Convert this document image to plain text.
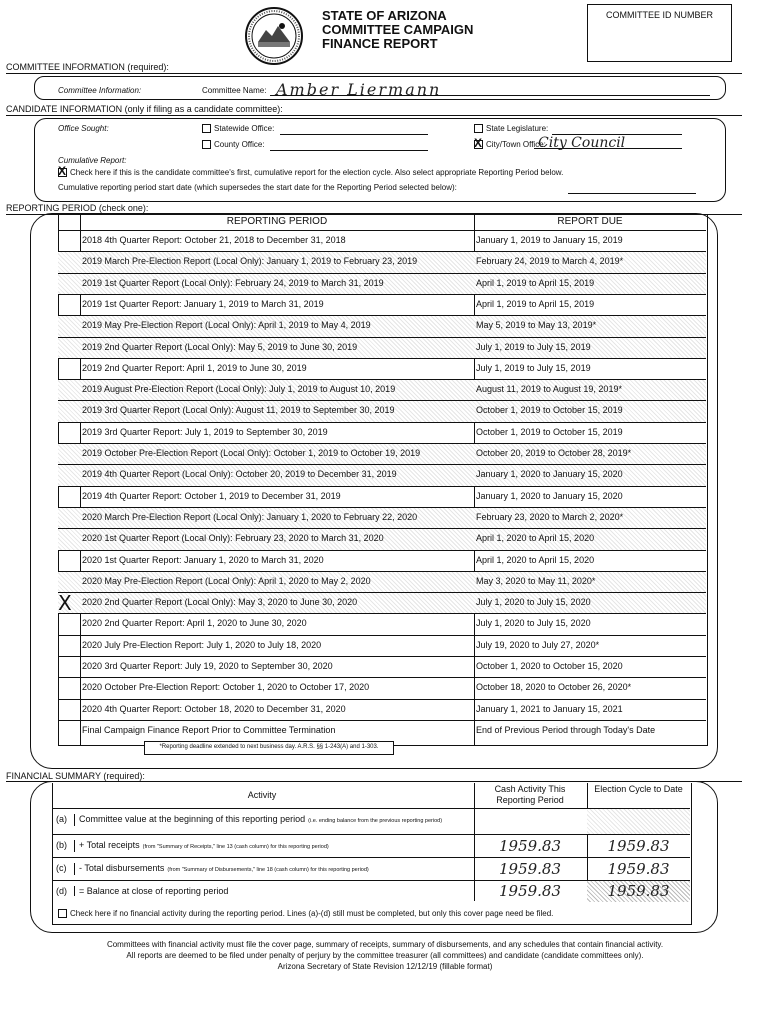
STATE OF ARIZONA
COMMITTEE CAMPAIGN
FINANCE REPORT
COMMITTEE ID NUMBER
COMMITTEE INFORMATION (required):
Committee Information:	Committee Name: Amber Liermann
CANDIDATE INFORMATION (only if filing as a candidate committee):
Office Sought:	Statewide Office:
County Office:
State Legislature:
X City/Town Office:
City Council
Cumulative Report:
X Check here if this is the candidate committee's first, cumulative report for the election cycle. Also select appropriate Reporting Period below.
Cumulative reporting period start date (which supersedes the start date for the Reporting Period selected below):
REPORTING PERIOD (check one):
REPORTING PERIOD	REPORT DUE
2018 4th Quarter Report: October 21, 2018 to December 31, 2018	January 1, 2019 to January 15, 2019
2019 March Pre-Election Report (Local Only): January 1, 2019 to February 23, 2019	February 24, 2019 to March 4, 2019*
2019 1st Quarter Report (Local Only): February 24, 2019 to March 31, 2019	April 1, 2019 to April 15, 2019
2019 1st Quarter Report: January 1, 2019 to March 31, 2019	April 1, 2019 to April 15, 2019
2019 May Pre-Election Report (Local Only): April 1, 2019 to May 4, 2019	May 5, 2019 to May 13, 2019*
2019 2nd Quarter Report (Local Only): May 5, 2019 to June 30, 2019	July 1, 2019 to July 15, 2019
2019 2nd Quarter Report: April 1, 2019 to June 30, 2019	July 1, 2019 to July 15, 2019
2019 August Pre-Election Report (Local Only): July 1, 2019 to August 10, 2019	August 11, 2019 to August 19, 2019*
2019 3rd Quarter Report (Local Only): August 11, 2019 to September 30, 2019	October 1, 2019 to October 15, 2019
2019 3rd Quarter Report: July 1, 2019 to September 30, 2019	October 1, 2019 to October 15, 2019
2019 October Pre-Election Report (Local Only): October 1, 2019 to October 19, 2019	October 20, 2019 to October 28, 2019*
2019 4th Quarter Report (Local Only): October 20, 2019 to December 31, 2019	January 1, 2020 to January 15, 2020
2019 4th Quarter Report: October 1, 2019 to December 31, 2019	January 1, 2020 to January 15, 2020
2020 March Pre-Election Report (Local Only): January 1, 2020 to February 22, 2020	February 23, 2020 to March 2, 2020*
2020 1st Quarter Report (Local Only): February 23, 2020 to March 31, 2020	April 1, 2020 to April 15, 2020
2020 1st Quarter Report: January 1, 2020 to March 31, 2020	April 1, 2020 to April 15, 2020
2020 May Pre-Election Report (Local Only): April 1, 2020 to May 2, 2020	May 3, 2020 to May 11, 2020*
X 2020 2nd Quarter Report (Local Only): May 3, 2020 to June 30, 2020	July 1, 2020 to July 15, 2020
2020 2nd Quarter Report: April 1, 2020 to June 30, 2020	July 1, 2020 to July 15, 2020
2020 July Pre-Election Report: July 1, 2020 to July 18, 2020	July 19, 2020 to July 27, 2020*
2020 3rd Quarter Report: July 19, 2020 to September 30, 2020	October 1, 2020 to October 15, 2020
2020 October Pre-Election Report: October 1, 2020 to October 17, 2020	October 18, 2020 to October 26, 2020*
2020 4th Quarter Report: October 18, 2020 to December 31, 2020	January 1, 2021 to January 15, 2021
Final Campaign Finance Report Prior to Committee Termination	End of Previous Period through Today's Date
*Reporting deadline extended to next business day. A.R.S. §§ 1-243(A) and 1-303.
FINANCIAL SUMMARY (required):
Activity
Cash Activity This Reporting Period
Election Cycle to Date
(a)	Committee value at the beginning of this reporting period (i.e. ending balance from the previous reporting period)
(b)	+ Total receipts (from "Summary of Receipts," line 13 (cash column) for this reporting period)	1959.83	1959.83
(c)	- Total disbursements (from "Summary of Disbursements," line 18 (cash column) for this reporting period)	1959.83	1959.83
(d)	= Balance at close of reporting period	1959.83	1959.83
Check here if no financial activity during the reporting period. Lines (a)-(d) still must be completed, but only this cover page need be filed.
Committees with financial activity must file the cover page, summary of receipts, summary of disbursements, and any schedules that contain financial activity.
All reports are deemed to be filed under penalty of perjury by the committee treasurer (all committees) and candidate (candidate committees only).
Arizona Secretary of State Revision 12/12/19 (fillable format)
